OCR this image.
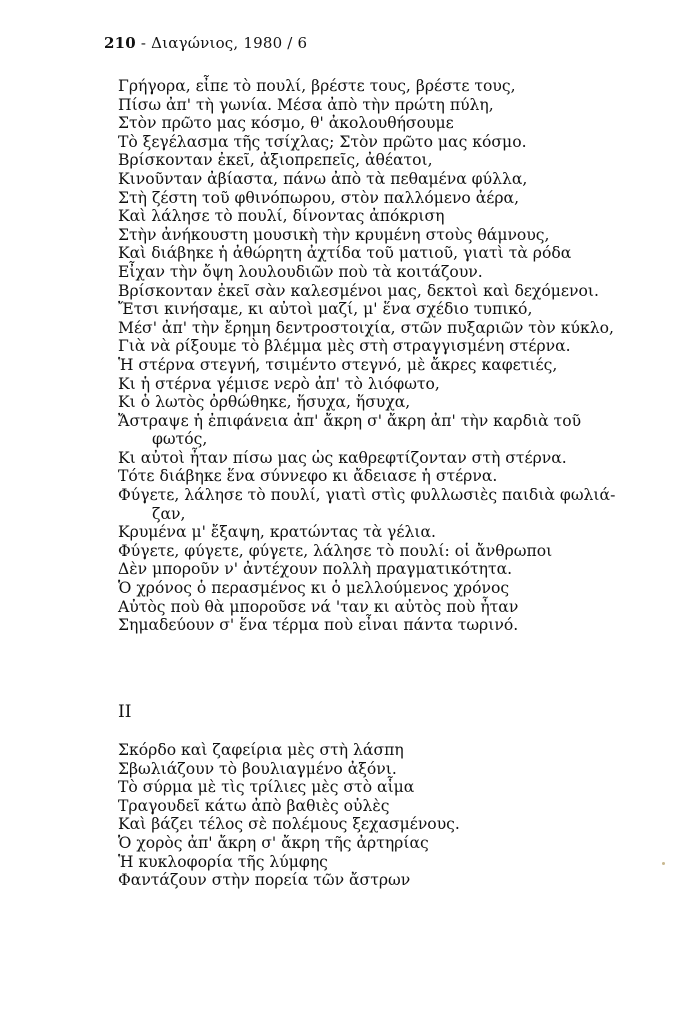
210 - Διαγώνιος, 1980 / 6
Γρήγορα, εἶπε τὸ πουλί, βρέστε τους, βρέστε τους,
Πίσω ἀπ' τὴ γωνία. Μέσα ἀπὸ τὴν πρώτη πύλη,
Στὸν πρῶτο μας κόσμο, θ' ἀκολουθήσουμε
Τὸ ξεγέλασμα τῆς τσίχλας; Στὸν πρῶτο μας κόσμο.
Βρίσκονταν ἐκεῖ, ἀξιοπρεπεῖς, ἀθέατοι,
Κινοῦνταν ἀβίαστα, πάνω ἀπὸ τὰ πεθαμένα φύλλα,
Στὴ ζέστη τοῦ φθινόπωρου, στὸν παλλόμενο ἀέρα,
Καὶ λάλησε τὸ πουλί, δίνοντας ἀπόκριση
Στὴν ἀνήκουστη μουσικὴ τὴν κρυμένη στοὺς θάμνους,
Καὶ διάβηκε ἡ ἀθώρητη ἀχτίδα τοῦ ματιοῦ, γιατὶ τὰ ρόδα
Εἶχαν τὴν ὄψη λουλουδιῶν ποὺ τὰ κοιτάζουν.
Βρίσκονταν ἐκεῖ σὰν καλεσμένοι μας, δεκτοὶ καὶ δεχόμενοι.
Ἔτσι κινήσαμε, κι αὐτοὶ μαζί, μ' ἕνα σχέδιο τυπικό,
Μέσ' ἀπ' τὴν ἔρημη δεντροστοιχία, στῶν πυξαριῶν τὸν κύκλο,
Γιὰ νὰ ρίξουμε τὸ βλέμμα μὲς στὴ στραγγισμένη στέρνα.
Ἡ στέρνα στεγνή, τσιμέντο στεγνό, μὲ ἄκρες καφετιές,
Κι ἡ στέρνα γέμισε νερὸ ἀπ' τὸ λιόφωτο,
Κι ὁ λωτὸς ὀρθώθηκε, ἥσυχα, ἥσυχα,
Ἄστραψε ἡ ἐπιφάνεια ἀπ' ἄκρη σ' ἄκρη ἀπ' τὴν καρδιὰ τοῦ
φωτός,
Κι αὐτοὶ ἦταν πίσω μας ὡς καθρεφτίζονταν στὴ στέρνα.
Τότε διάβηκε ἕνα σύννεφο κι ἄδειασε ἡ στέρνα.
Φύγετε, λάλησε τὸ πουλί, γιατὶ στὶς φυλλωσιὲς παιδιὰ φωλιά-
ζαν,
Κρυμένα μ' ἔξαψη, κρατώντας τὰ γέλια.
Φύγετε, φύγετε, φύγετε, λάλησε τὸ πουλί: οἱ ἄνθρωποι
Δὲν μποροῦν ν' ἀντέχουν πολλὴ πραγματικότητα.
Ὁ χρόνος ὁ περασμένος κι ὁ μελλούμενος χρόνος
Αὐτὸς ποὺ θὰ μποροῦσε νά 'ταν κι αὐτὸς ποὺ ἦταν
Σημαδεύουν σ' ἕνα τέρμα ποὺ εἶναι πάντα τωρινό.
II
Σκόρδο καὶ ζαφείρια μὲς στὴ λάσπη
Σβωλιάζουν τὸ βουλιαγμένο ἀξόνι.
Τὸ σύρμα μὲ τὶς τρίλιες μὲς στὸ αἷμα
Τραγουδεῖ κάτω ἀπὸ βαθιὲς οὐλὲς
Καὶ βάζει τέλος σὲ πολέμους ξεχασμένους.
Ὁ χορὸς ἀπ' ἄκρη σ' ἄκρη τῆς ἀρτηρίας
Ἡ κυκλοφορία τῆς λύμφης
Φαντάζουν στὴν πορεία τῶν ἄστρων
